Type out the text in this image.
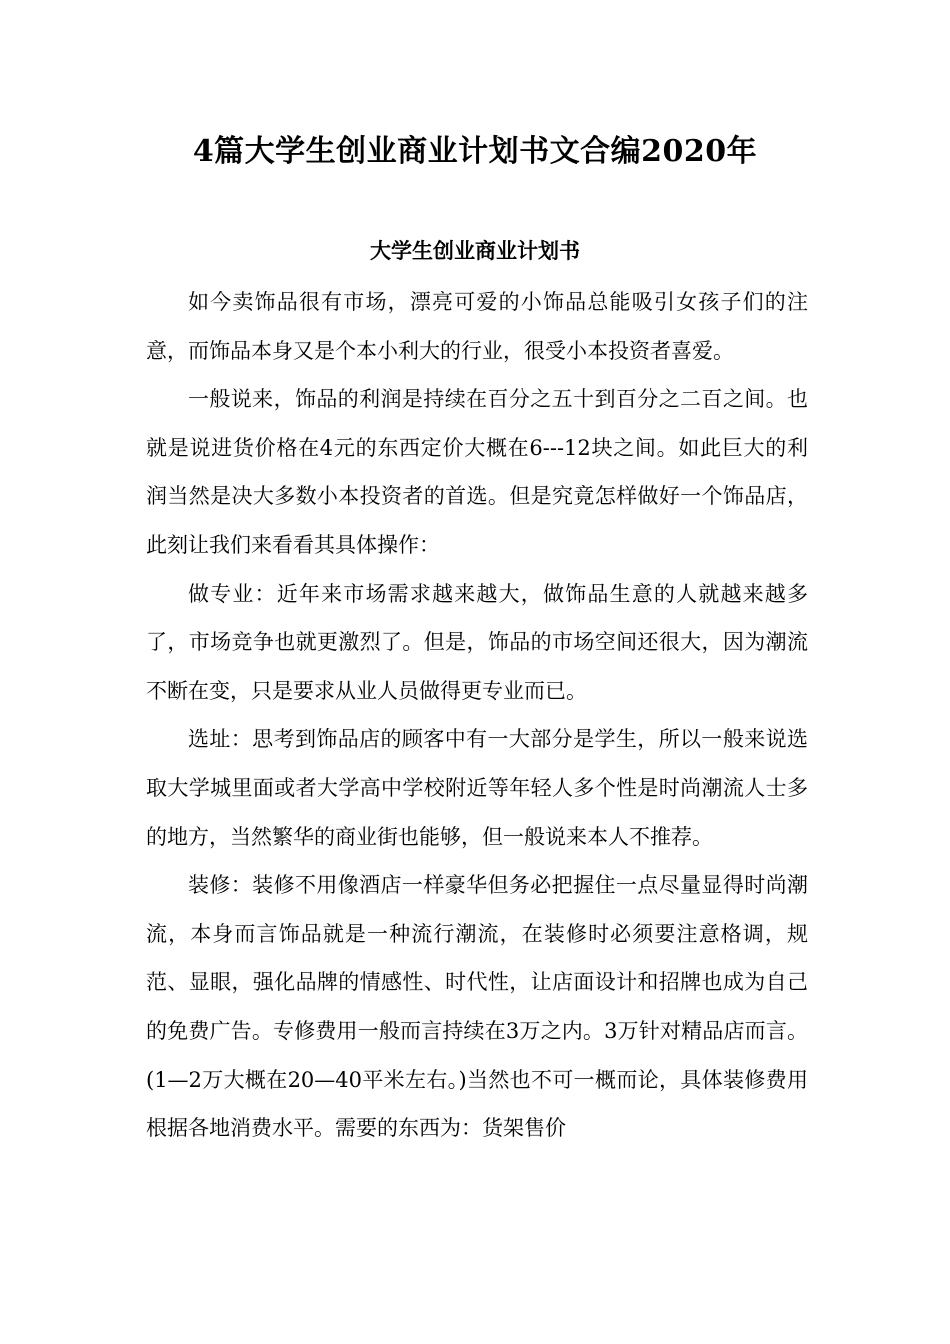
4篇大学生创业商业计划书文合编2020年
大学生创业商业计划书

如今卖饰品很有市场，漂亮可爱的小饰品总能吸引女孩子们的注意，而饰品本身又是个本小利大的行业，很受小本投资者喜爱。

一般说来，饰品的利润是持续在百分之五十到百分之二百之间。也就是说进货价格在4元的东西定价大概在6---12块之间。如此巨大的利润当然是决大多数小本投资者的首选。但是究竟怎样做好一个饰品店，此刻让我们来看看其具体操作：

做专业：近年来市场需求越来越大，做饰品生意的人就越来越多了，市场竞争也就更激烈了。但是，饰品的市场空间还很大，因为潮流不断在变，只是要求从业人员做得更专业而已。

选址：思考到饰品店的顾客中有一大部分是学生，所以一般来说选取大学城里面或者大学高中学校附近等年轻人多个性是时尚潮流人士多的地方，当然繁华的商业街也能够，但一般说来本人不推荐。

装修：装修不用像酒店一样豪华但务必把握住一点尽量显得时尚潮流，本身而言饰品就是一种流行潮流，在装修时必须要注意格调，规范、显眼，强化品牌的情感性、时代性，让店面设计和招牌也成为自己的免费广告。专修费用一般而言持续在3万之内。3万针对精品店而言。(1—2万大概在20—40平米左右。)当然也不可一概而论，具体装修费用根据各地消费水平。需要的东西为：货架售价
